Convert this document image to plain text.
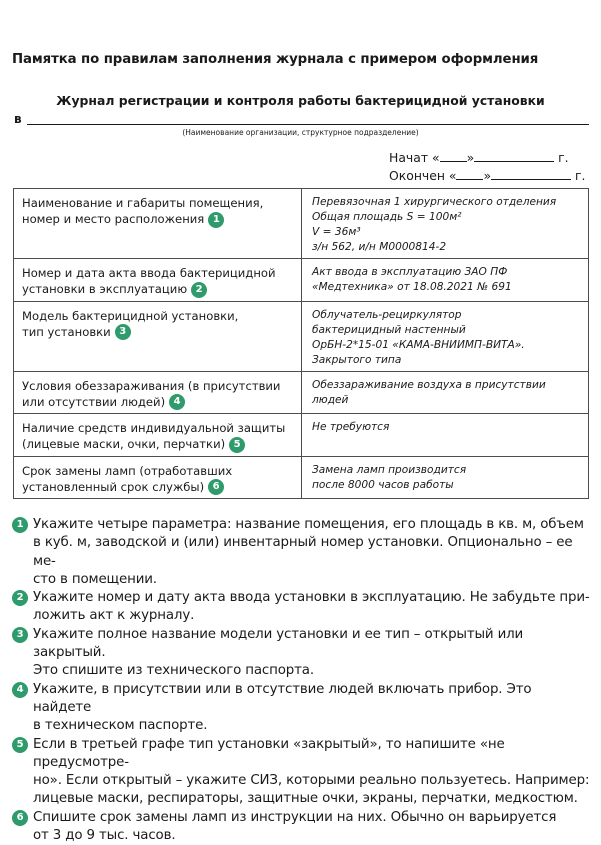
Памятка по правилам заполнения журнала с примером оформления
Журнал регистрации и контроля работы бактерицидной установки
в
(Наименование организации, структурное подразделение)
Начат « »	г.
Окончен « »	г.
Наименование и габариты помещения,
номер и место расположения 1	Перевязочная 1 хирургического отделения
Общая площадь S = 100м²
V = 36м³
з/н 562, и/н М0000814-2
Номер и дата акта ввода бактерицидной
установки в эксплуатацию 2	Акт ввода в эксплуатацию ЗАО ПФ
«Медтехника» от 18.08.2021 № 691
Модель бактерицидной установки,
тип установки 3	Облучатель-рециркулятор
бактерицидный настенный
ОрБН-2*15-01 «КАМА-ВНИИМП-ВИТА».
Закрытого типа
Условия обеззараживания (в присутствии
или отсутствии людей) 4	Обеззараживание воздуха в присутствии
людей
Наличие средств индивидуальной защиты
(лицевые маски, очки, перчатки) 5	Не требуются
Срок замены ламп (отработавших
установленный срок службы) 6	Замена ламп производится
после 8000 часов работы
1 Укажите четыре параметра: название помещения, его площадь в кв. м, объем
в куб. м, заводской и (или) инвентарный номер установки. Опционально – ее ме-
сто в помещении.
2 Укажите номер и дату акта ввода установки в эксплуатацию. Не забудьте при-
ложить акт к журналу.
3 Укажите полное название модели установки и ее тип – открытый или закрытый.
Это спишите из технического паспорта.
4 Укажите, в присутствии или в отсутствие людей включать прибор. Это найдете
в техническом паспорте.
5 Если в третьей графе тип установки «закрытый», то напишите «не предусмотре-
но». Если открытый – укажите СИЗ, которыми реально пользуетесь. Например:
лицевые маски, респираторы, защитные очки, экраны, перчатки, медкостюм.
6 Спишите срок замены ламп из инструкции на них. Обычно он варьируется
от 3 до 9 тыс. часов.
